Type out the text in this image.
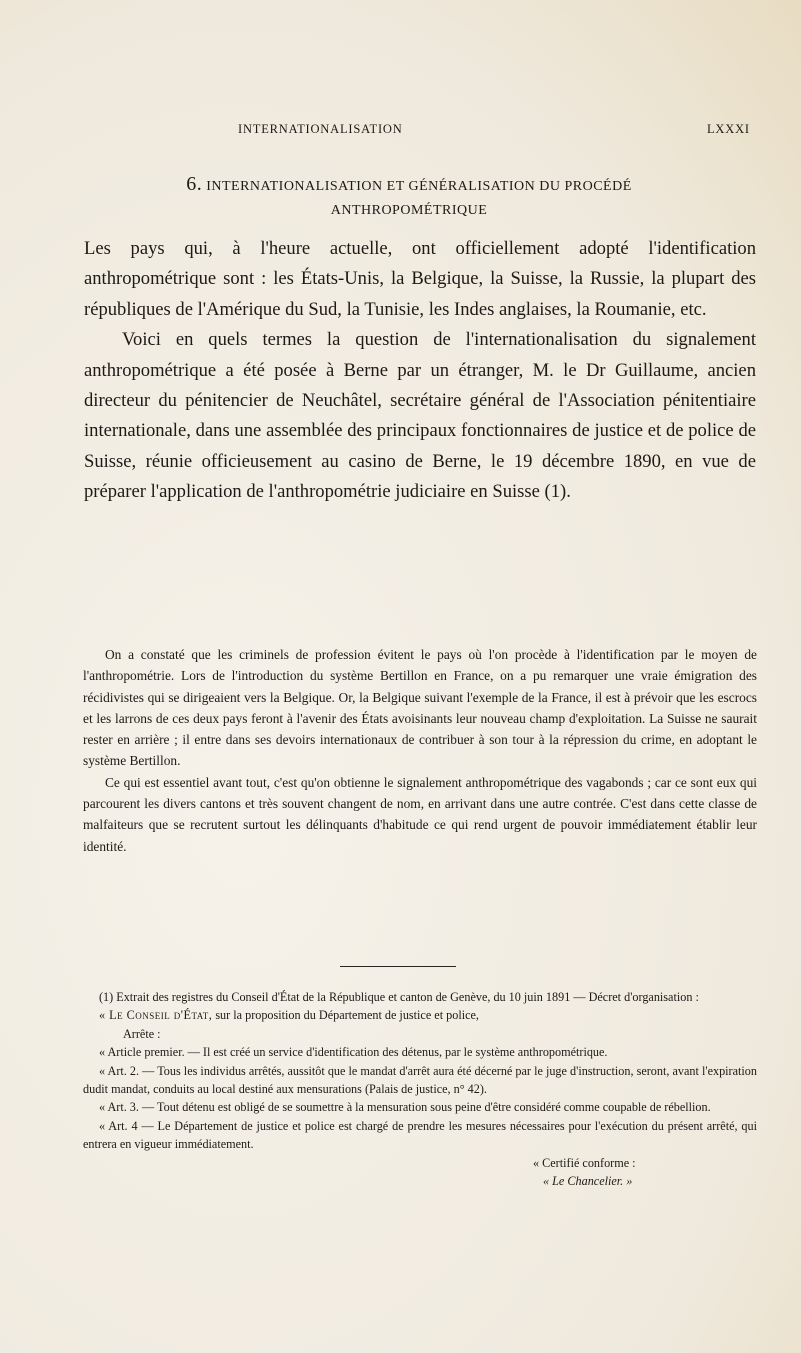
INTERNATIONALISATION	LXXXI
6. INTERNATIONALISATION ET GÉNÉRALISATION DU PROCÉDÉ
ANTHROPOMÉTRIQUE

Les pays qui, à l'heure actuelle, ont officiellement adopté l'identification anthropométrique sont : les États-Unis, la Belgique, la Suisse, la Russie, la plupart des républiques de l'Amérique du Sud, la Tunisie, les Indes anglaises, la Roumanie, etc.

Voici en quels termes la question de l'internationalisation du signalement anthropométrique a été posée à Berne par un étranger, M. le Dr Guillaume, ancien directeur du pénitencier de Neuchâtel, secrétaire général de l'Association pénitentiaire internationale, dans une assemblée des principaux fonctionnaires de justice et de police de Suisse, réunie officieusement au casino de Berne, le 19 décembre 1890, en vue de préparer l'application de l'anthropométrie judiciaire en Suisse (1).

On a constaté que les criminels de profession évitent le pays où l'on procède à l'identification par le moyen de l'anthropométrie. Lors de l'introduction du système Bertillon en France, on a pu remarquer une vraie émigration des récidivistes qui se dirigeaient vers la Belgique. Or, la Belgique suivant l'exemple de la France, il est à prévoir que les escrocs et les larrons de ces deux pays feront à l'avenir des États avoisinants leur nouveau champ d'exploitation. La Suisse ne saurait rester en arrière ; il entre dans ses devoirs internationaux de contribuer à son tour à la répression du crime, en adoptant le système Bertillon.

Ce qui est essentiel avant tout, c'est qu'on obtienne le signalement anthropométrique des vagabonds ; car ce sont eux qui parcourent les divers cantons et très souvent changent de nom, en arrivant dans une autre contrée. C'est dans cette classe de malfaiteurs que se recrutent surtout les délinquants d'habitude ce qui rend urgent de pouvoir immédiatement établir leur identité.

(1) Extrait des registres du Conseil d'État de la République et canton de Genève, du 10 juin 1891 — Décret d'organisation :

« Le Conseil d'État, sur la proposition du Département de justice et police,

Arrête :

« Article premier. — Il est créé un service d'identification des détenus, par le système anthropométrique.

« Art. 2. — Tous les individus arrêtés, aussitôt que le mandat d'arrêt aura été décerné par le juge d'instruction, seront, avant l'expiration dudit mandat, conduits au local destiné aux mensurations (Palais de justice, n° 42).

« Art. 3. — Tout détenu est obligé de se soumettre à la mensuration sous peine d'être considéré comme coupable de rébellion.

« Art. 4 — Le Département de justice et police est chargé de prendre les mesures nécessaires pour l'exécution du présent arrêté, qui entrera en vigueur immédiatement.

« Certifié conforme :

« Le Chancelier. »
